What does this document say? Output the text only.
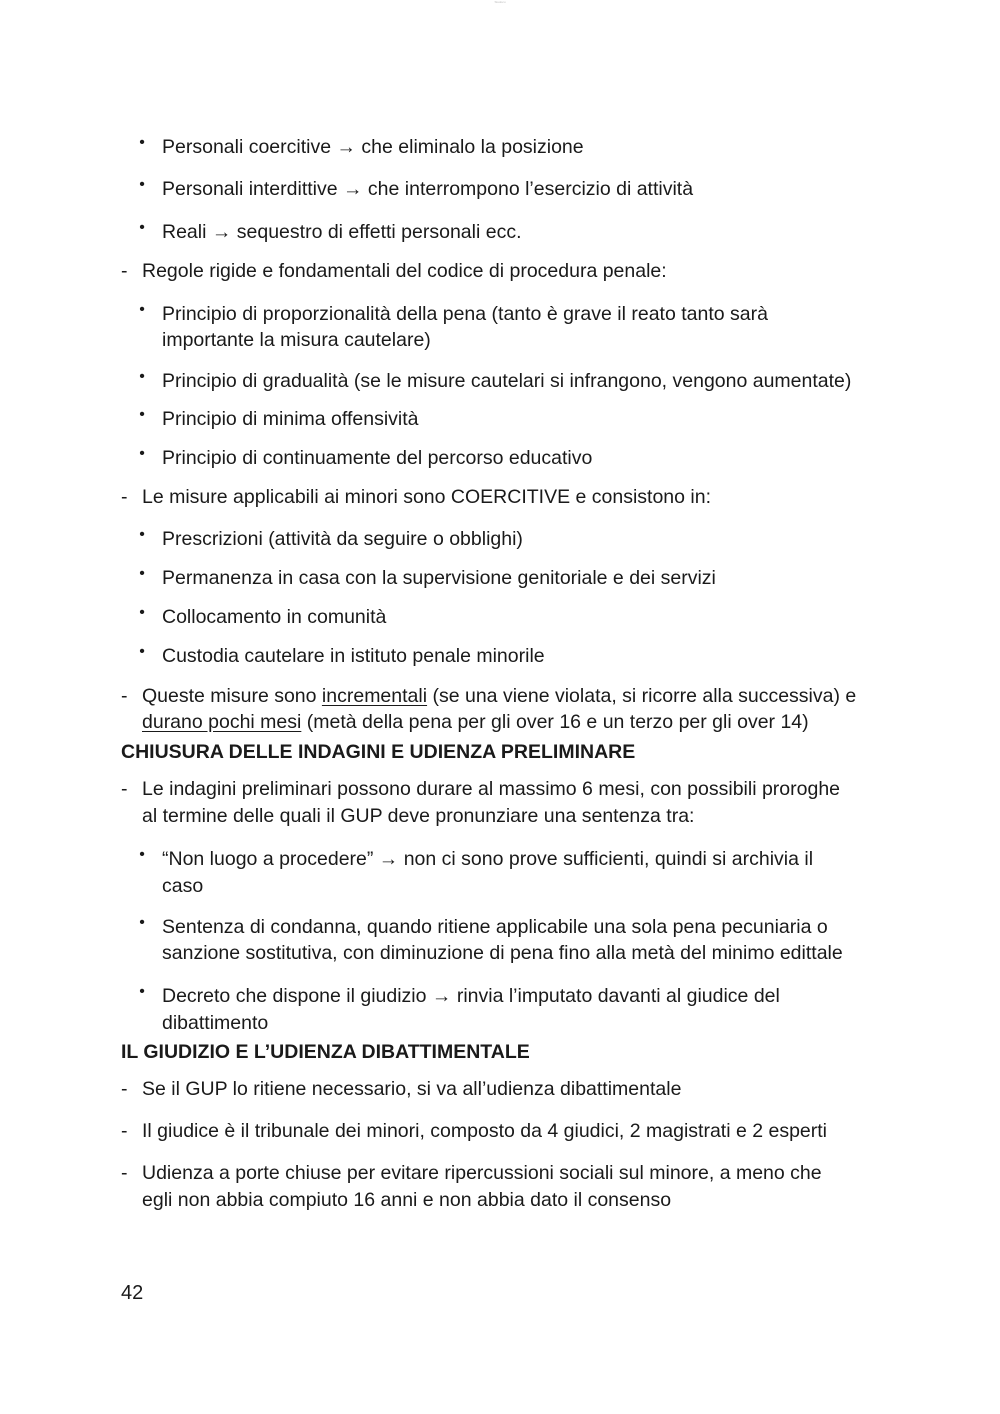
Studocu
• Personali coercitive → che eliminalo la posizione
• Personali interdittive → che interrompono l’esercizio di attività
• Reali → sequestro di effetti personali ecc.
- Regole rigide e fondamentali del codice di procedura penale:
• Principio di proporzionalità della pena (tanto è grave il reato tanto sarà
importante la misura cautelare)
• Principio di gradualità (se le misure cautelari si infrangono, vengono aumentate)
• Principio di minima offensività
• Principio di continuamente del percorso educativo
- Le misure applicabili ai minori sono COERCITIVE e consistono in:
• Prescrizioni (attività da seguire o obblighi)
• Permanenza in casa con la supervisione genitoriale e dei servizi
• Collocamento in comunità
• Custodia cautelare in istituto penale minorile
- Queste misure sono incrementali (se una viene violata, si ricorre alla successiva) e
durano pochi mesi (metà della pena per gli over 16 e un terzo per gli over 14)
CHIUSURA DELLE INDAGINI E UDIENZA PRELIMINARE
- Le indagini preliminari possono durare al massimo 6 mesi, con possibili proroghe
al termine delle quali il GUP deve pronunziare una sentenza tra:
• “Non luogo a procedere” → non ci sono prove sufficienti, quindi si archivia il
caso
• Sentenza di condanna, quando ritiene applicabile una sola pena pecuniaria o
sanzione sostitutiva, con diminuzione di pena fino alla metà del minimo edittale
• Decreto che dispone il giudizio → rinvia l’imputato davanti al giudice del
dibattimento
IL GIUDIZIO E L’UDIENZA DIBATTIMENTALE
- Se il GUP lo ritiene necessario, si va all’udienza dibattimentale
- Il giudice è il tribunale dei minori, composto da 4 giudici, 2 magistrati e 2 esperti
- Udienza a porte chiuse per evitare ripercussioni sociali sul minore, a meno che
egli non abbia compiuto 16 anni e non abbia dato il consenso
42
